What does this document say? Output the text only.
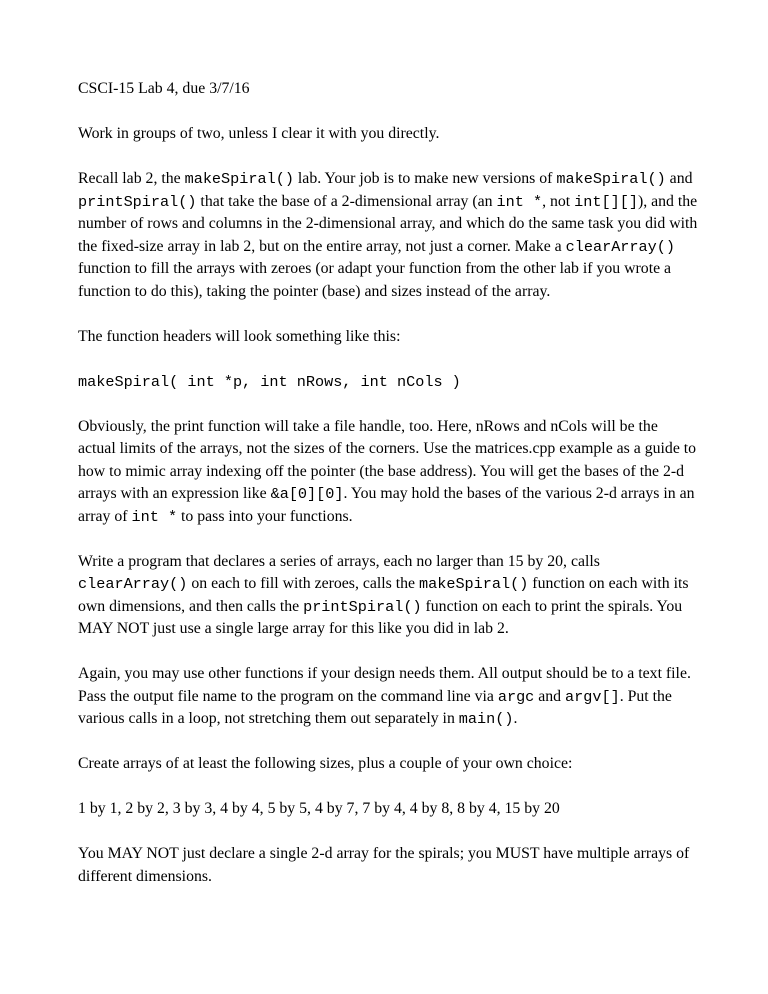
CSCI-15 Lab 4, due 3/7/16

Work in groups of two, unless I clear it with you directly.

Recall lab 2, the makeSpiral() lab. Your job is to make new versions of makeSpiral() and printSpiral() that take the base of a 2-dimensional array (an int *, not int[][]), and the number of rows and columns in the 2-dimensional array, and which do the same task you did with the fixed-size array in lab 2, but on the entire array, not just a corner. Make a clearArray() function to fill the arrays with zeroes (or adapt your function from the other lab if you wrote a function to do this), taking the pointer (base) and sizes instead of the array.

The function headers will look something like this:

makeSpiral( int *p, int nRows, int nCols )

Obviously, the print function will take a file handle, too. Here, nRows and nCols will be the actual limits of the arrays, not the sizes of the corners. Use the matrices.cpp example as a guide to how to mimic array indexing off the pointer (the base address). You will get the bases of the 2-d arrays with an expression like &a[0][0]. You may hold the bases of the various 2-d arrays in an array of int * to pass into your functions.

Write a program that declares a series of arrays, each no larger than 15 by 20, calls clearArray() on each to fill with zeroes, calls the makeSpiral() function on each with its own dimensions, and then calls the printSpiral() function on each to print the spirals. You MAY NOT just use a single large array for this like you did in lab 2.

Again, you may use other functions if your design needs them. All output should be to a text file. Pass the output file name to the program on the command line via argc and argv[]. Put the various calls in a loop, not stretching them out separately in main().

Create arrays of at least the following sizes, plus a couple of your own choice:

1 by 1, 2 by 2, 3 by 3, 4 by 4, 5 by 5, 4 by 7, 7 by 4, 4 by 8, 8 by 4, 15 by 20

You MAY NOT just declare a single 2-d array for the spirals; you MUST have multiple arrays of different dimensions.
